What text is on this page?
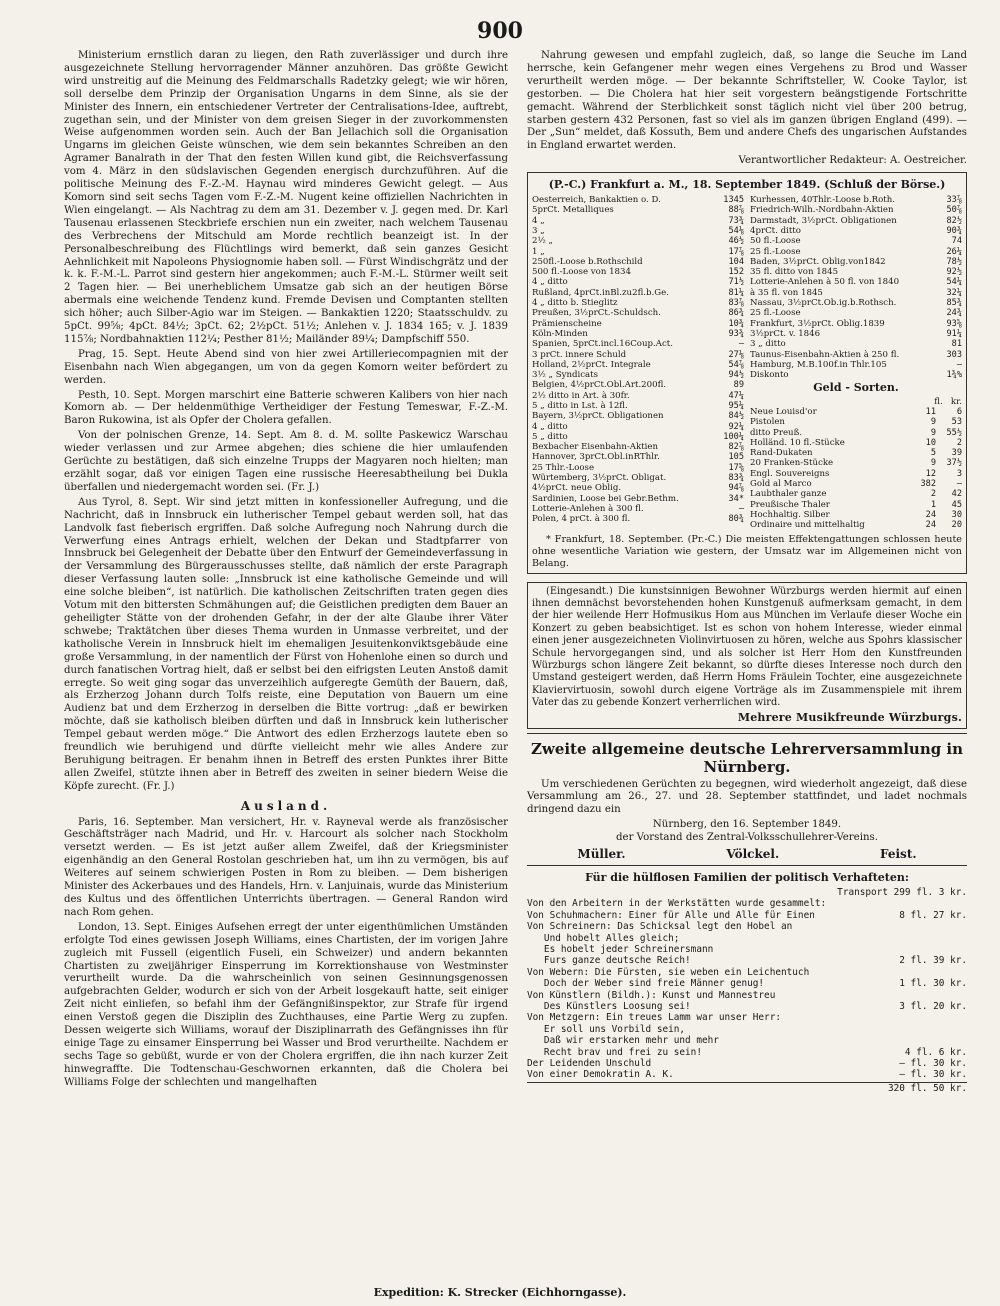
900

Ministerium ernstlich daran zu liegen, den Rath zuverlässiger und durch ihre ausgezeichnete Stellung hervorragender Männer anzuhören. Das größte Gewicht wird unstreitig auf die Meinung des Feldmarschalls Radetzky gelegt; wie wir hören, soll derselbe dem Prinzip der Organisation Ungarns in dem Sinne, als sie der Minister des Innern, ein entschiedener Vertreter der Centralisations-Idee, auftrebt, zugethan sein, und der Minister von dem greisen Sieger in der zuvorkommensten Weise aufgenommen worden sein. Auch der Ban Jellachich soll die Organisation Ungarns im gleichen Geiste wünschen, wie dem sein bekanntes Schreiben an den Agramer Banalrath in der That den festen Willen kund gibt, die Reichsverfassung vom 4. März in den südslavischen Gegenden energisch durchzuführen. Auf die politische Meinung des F.-Z.-M. Haynau wird minderes Gewicht gelegt. — Aus Komorn sind seit sechs Tagen vom F.-Z.-M. Nugent keine offiziellen Nachrichten in Wien eingelangt. — Als Nachtrag zu dem am 31. Dezember v. J. gegen med. Dr. Karl Tausenau erlassenen Steckbriefe erschien nun ein zweiter, nach welchem Tausenau des Verbrechens der Mitschuld am Morde rechtlich beanzeigt ist. In der Personalbeschreibung des Flüchtlings wird bemerkt, daß sein ganzes Gesicht Aehnlichkeit mit Napoleons Physiognomie haben soll. — Fürst Windischgrätz und der k. k. F.-M.-L. Parrot sind gestern hier angekommen; auch F.-M.-L. Stürmer weilt seit 2 Tagen hier. — Bei unerheblichem Umsatze gab sich an der heutigen Börse abermals eine weichende Tendenz kund. Fremde Devisen und Comptanten stellten sich höher; auch Silber-Agio war im Steigen. — Bankaktien 1220; Staatsschuldv. zu 5pCt. 99⅝; 4pCt. 84½; 3pCt. 62; 2½pCt. 51½; Anlehen v. J. 1834 165; v. J. 1839 115⅞; Nordbahnaktien 112¼; Pesther 81½; Mailänder 89¼; Dampfschiff 550.

Prag, 15. Sept. Heute Abend sind von hier zwei Artilleriecompagnien mit der Eisenbahn nach Wien abgegangen, um von da gegen Komorn weiter befördert zu werden.

Pesth, 10. Sept. Morgen marschirt eine Batterie schweren Kalibers von hier nach Komorn ab. — Der heldenmüthige Vertheidiger der Festung Temeswar, F.-Z.-M. Baron Rukowina, ist als Opfer der Cholera gefallen.

Von der polnischen Grenze, 14. Sept. Am 8. d. M. sollte Paskewicz Warschau wieder verlassen und zur Armee abgehen; dies schiene die hier umlaufenden Gerüchte zu bestätigen, daß sich einzelne Trupps der Magyaren noch hielten; man erzählt sogar, daß vor einigen Tagen eine russische Heeresabtheilung bei Dukla überfallen und niedergemacht worden sei. (Fr. J.)

Aus Tyrol, 8. Sept. Wir sind jetzt mitten in konfessioneller Aufregung, und die Nachricht, daß in Innsbruck ein lutherischer Tempel gebaut werden soll, hat das Landvolk fast fieberisch ergriffen. Daß solche Aufregung noch Nahrung durch die Verwerfung eines Antrags erhielt, welchen der Dekan und Stadtpfarrer von Innsbruck bei Gelegenheit der Debatte über den Entwurf der Gemeindeverfassung in der Versammlung des Bürgerausschusses stellte, daß nämlich der erste Paragraph dieser Verfassung lauten solle: „Innsbruck ist eine katholische Gemeinde und will eine solche bleiben“, ist natürlich. Die katholischen Zeitschriften traten gegen dies Votum mit den bittersten Schmähungen auf; die Geistlichen predigten dem Bauer an geheiligter Stätte von der drohenden Gefahr, in der der alte Glaube ihrer Väter schwebe; Traktätchen über dieses Thema wurden in Unmasse verbreitet, und der katholische Verein in Innsbruck hielt im ehemaligen Jesuitenkonviktsgebäude eine große Versammlung, in der namentlich der Fürst von Hohenlohe einen so durch und durch fanatischen Vortrag hielt, daß er selbst bei den eifrigsten Leuten Anstoß damit erregte. So weit ging sogar das unverzeihlich aufgeregte Gemüth der Bauern, daß, als Erzherzog Johann durch Tolfs reiste, eine Deputation von Bauern um eine Audienz bat und dem Erzherzog in derselben die Bitte vortrug: „daß er bewirken möchte, daß sie katholisch bleiben dürften und daß in Innsbruck kein lutherischer Tempel gebaut werden möge.“ Die Antwort des edlen Erzherzogs lautete eben so freundlich wie beruhigend und dürfte vielleicht mehr wie alles Andere zur Beruhigung beitragen. Er benahm ihnen in Betreff des ersten Punktes ihrer Bitte allen Zweifel, stützte ihnen aber in Betreff des zweiten in seiner biedern Weise die Köpfe zurecht. (Fr. J.)

Ausland.

Paris, 16. September. Man versichert, Hr. v. Rayneval werde als französischer Geschäftsträger nach Madrid, und Hr. v. Harcourt als solcher nach Stockholm versetzt werden. — Es ist jetzt außer allem Zweifel, daß der Kriegsminister eigenhändig an den General Rostolan geschrieben hat, um ihn zu vermögen, bis auf Weiteres auf seinem schwierigen Posten in Rom zu bleiben. — Dem bisherigen Minister des Ackerbaues und des Handels, Hrn. v. Lanjuinais, wurde das Ministerium des Kultus und des öffentlichen Unterrichts übertragen. — General Randon wird nach Rom gehen.

London, 13. Sept. Einiges Aufsehen erregt der unter eigenthümlichen Umständen erfolgte Tod eines gewissen Joseph Williams, eines Chartisten, der im vorigen Jahre zugleich mit Fussell (eigentlich Fuseli, ein Schweizer) und andern bekannten Chartisten zu zweijähriger Einsperrung im Korrektionshause von Westminster verurtheilt wurde. Da die wahrscheinlich von seinen Gesinnungsgenossen aufgebrachten Gelder, wodurch er sich von der Arbeit losgekauft hatte, seit einiger Zeit nicht einliefen, so befahl ihm der Gefängnißinspektor, zur Strafe für irgend einen Verstoß gegen die Disziplin des Zuchthauses, eine Partie Werg zu zupfen. Dessen weigerte sich Williams, worauf der Disziplinarrath des Gefängnisses ihn für einige Tage zu einsamer Einsperrung bei Wasser und Brod verurtheilte. Nachdem er sechs Tage so gebüßt, wurde er von der Cholera ergriffen, die ihn nach kurzer Zeit hinwegraffte. Die Todtenschau-Geschwornen erkannten, daß die Cholera bei Williams Folge der schlechten und mangelhaften

Nahrung gewesen und empfahl zugleich, daß, so lange die Seuche im Land herrsche, kein Gefangener mehr wegen eines Vergehens zu Brod und Wasser verurtheilt werden möge. — Der bekannte Schriftsteller, W. Cooke Taylor, ist gestorben. — Die Cholera hat hier seit vorgestern beängstigende Fortschritte gemacht. Während der Sterblichkeit sonst täglich nicht viel über 200 betrug, starben gestern 432 Personen, fast so viel als im ganzen übrigen England (499). — Der „Sun“ meldet, daß Kossuth, Bem und andere Chefs des ungarischen Aufstandes in England erwartet werden.

Verantwortlicher Redakteur: A. Oestreicher.
(P.-C.) Frankfurt a. M., 18. September 1849. (Schluß der Börse.)
Oesterreich, Bankaktien o. D.	1345
5prCt. Metalliques	88⅞
4 „	73¾
3 „	54⅛
2½ „	46½
1 „	17⅞
250fl.-Loose b.Rothschild	104
500 fl.-Loose von 1834	152
4 „ ditto	71½
Rußland, 4prCt.inBl.zu2fl.b.Ge.	81¼
4 „ ditto b. Stieglitz	83⅞
Preußen, 3½prCt.-Schuldsch.	86¾
Prämienscheine	10¾
Köln-Minden	93¾
Spanien, 5prCt.incl.16Coup.Act.	—
3 prCt. innere Schuld	27⅛
Holland, 2½prCt. Integrale	54⅞
3½ „ Syndicats	94½
Belgien, 4½prCt.Obl.Art.200fl.	89
2½ ditto in Art. à 30fr.	47¼
5 „ ditto in Lst. à 12fl.	95¼
Bayern, 3½prCt. Obligationen	84½
4 „ ditto	92¼
5 „ ditto	100¼
Bexbacher Eisenbahn-Aktien	82⅞
Hannover, 3prCt.Obl.inRThlr.	105
25 Thlr.-Loose	17⅝
Würtemberg, 3½prCt. Obligat.	83¾
4½prCt. neue Oblig.	94⅞
Sardinien, Loose bei Gebr.Bethm.	34*
Lotterie-Anlehen à 300 fl.	—
Polen, 4 prCt. à 300 fl.	80¾
Kurhessen, 40Thlr.-Loose b.Roth.	33⅞
Friedrich-Wilh.-Nordbahn-Aktien	50⅞
Darmstadt, 3½prCt. Obligationen	82½
4prCt. ditto	90¾
50 fl.-Loose	74
25 fl.-Loose	26¼
Baden, 3½prCt. Oblig.von1842	78½
35 fl. ditto von 1845	92½
Lotterie-Anlehen à 50 fl. von 1840	54¼
à 35 fl. von 1845	32¼
Nassau, 3½prCt.Ob.ig.b.Rothsch.	85¾
25 fl.-Loose	24¾
Frankfurt, 3½prCt. Oblig.1839	93⅝
3½prCt. v. 1846	91¼
3 „ ditto	81
Taunus-Eisenbahn-Aktien à 250 fl.	303
Hamburg, M.B.100f.in Thlr.105	—
Diskonto	1¾%
Geld - Sorten.
fl. kr.
Neue Louisd'or	11 6
Pistolen	9 53
ditto Preuß.	9 55½
Holländ. 10 fl.-Stücke	10 2
Rand-Dukaten	5 39
20 Franken-Stücke	9 37½
Engl. Souvereigns	12 3
Gold al Marco	382 —
Laubthaler ganze	2 42
Preußische Thaler	1 45
Hochhaltig. Silber	24 30
Ordinaire und mittelhaltig	24 20

* Frankfurt, 18. September. (Pr.-C.) Die meisten Effektengattungen schlossen heute ohne wesentliche Variation wie gestern, der Umsatz war im Allgemeinen nicht von Belang.

(Eingesandt.) Die kunstsinnigen Bewohner Würzburgs werden hiermit auf einen ihnen demnächst bevorstehenden hohen Kunstgenuß aufmerksam gemacht, in dem der hier weilende Herr Hofmusikus Hom aus München im Verlaufe dieser Woche ein Konzert zu geben beabsichtiget. Ist es schon von hohem Interesse, wieder einmal einen jener ausgezeichneten Violinvirtuosen zu hören, welche aus Spohrs klassischer Schule hervorgegangen sind, und als solcher ist Herr Hom den Kunstfreunden Würzburgs schon längere Zeit bekannt, so dürfte dieses Interesse noch durch den Umstand gesteigert werden, daß Herrn Homs Fräulein Tochter, eine ausgezeichnete Klaviervirtuosin, sowohl durch eigene Vorträge als im Zusammenspiele mit ihrem Vater das zu gebende Konzert verherrlichen wird.

Mehrere Musikfreunde Würzburgs.
Zweite allgemeine deutsche Lehrerversammlung in Nürnberg.

Um verschiedenen Gerüchten zu begegnen, wird wiederholt angezeigt, daß diese Versammlung am 26., 27. und 28. September stattfindet, und ladet nochmals dringend dazu ein

Nürnberg, den 16. September 1849.
der Vorstand des Zentral-Volksschullehrer-Vereins.
Müller.	Völckel.	Feist.
Für die hülflosen Familien der politisch Verhafteten:
Transport 299 fl. 3 kr.
Von den Arbeitern in der Werkstätten wurde gesammelt:
Von Schuhmachern: Einer für Alle und Alle für Einen	8 fl. 27 kr.
Von Schreinern: Das Schicksal legt den Hobel an
Und hobelt Alles gleich;
Es hobelt jeder Schreinersmann
Furs ganze deutsche Reich!	2 fl. 39 kr.
Von Webern: Die Fürsten, sie weben ein Leichentuch
Doch der Weber sind freie Männer genug!	1 fl. 30 kr.
Von Künstlern (Bildh.): Kunst und Mannestreu
Des Künstlers Loosung sei!	3 fl. 20 kr.
Von Metzgern: Ein treues Lamm war unser Herr:
Er soll uns Vorbild sein,
Daß wir erstarken mehr und mehr
Recht brav und frei zu sein!	4 fl. 6 kr.
Der Leidenden Unschuld	— fl. 30 kr.
Von einer Demokratin A. K.	— fl. 30 kr.
320 fl. 50 kr.
Expedition: K. Strecker (Eichhorngasse).
